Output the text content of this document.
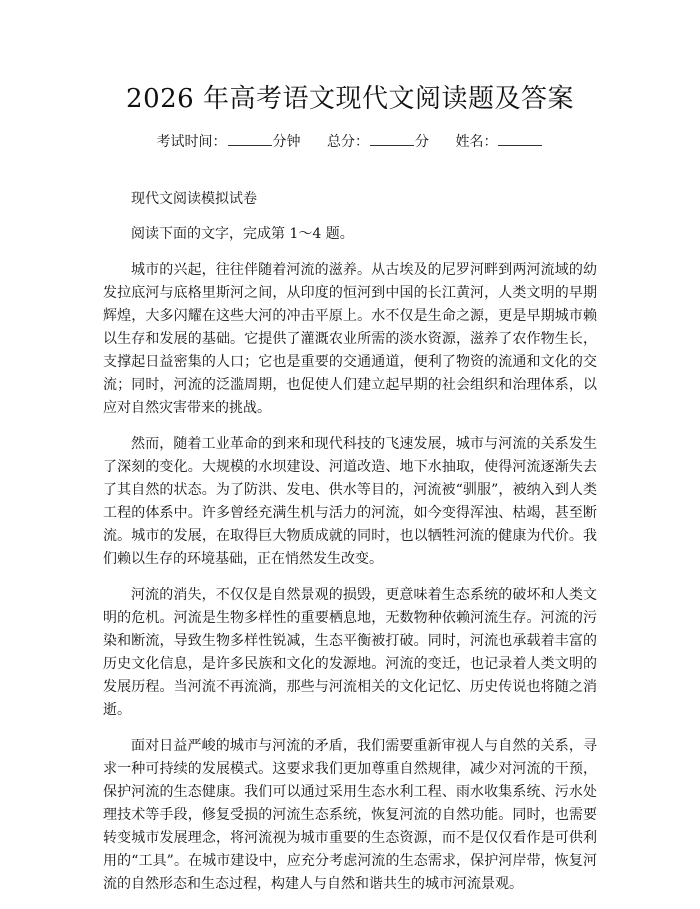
2026 年高考语文现代文阅读题及答案
考试时间：	分钟 总分：	分 姓名：

现代文阅读模拟试卷

阅读下面的文字，完成第 1～4 题。

城市的兴起，往往伴随着河流的滋养。从古埃及的尼罗河畔到两河流域的幼发拉底河与底格里斯河之间，从印度的恒河到中国的长江黄河，人类文明的早期辉煌，大多闪耀在这些大河的冲击平原上。水不仅是生命之源，更是早期城市赖以生存和发展的基础。它提供了灌溉农业所需的淡水资源，滋养了农作物生长，支撑起日益密集的人口；它也是重要的交通通道，便利了物资的流通和文化的交流；同时，河流的泛滥周期，也促使人们建立起早期的社会组织和治理体系，以应对自然灾害带来的挑战。

然而，随着工业革命的到来和现代科技的飞速发展，城市与河流的关系发生了深刻的变化。大规模的水坝建设、河道改造、地下水抽取，使得河流逐渐失去了其自然的状态。为了防洪、发电、供水等目的，河流被“驯服”，被纳入到人类工程的体系中。许多曾经充满生机与活力的河流，如今变得浑浊、枯竭，甚至断流。城市的发展，在取得巨大物质成就的同时，也以牺牲河流的健康为代价。我们赖以生存的环境基础，正在悄然发生改变。

河流的消失，不仅仅是自然景观的损毁，更意味着生态系统的破坏和人类文明的危机。河流是生物多样性的重要栖息地，无数物种依赖河流生存。河流的污染和断流，导致生物多样性锐减，生态平衡被打破。同时，河流也承载着丰富的历史文化信息，是许多民族和文化的发源地。河流的变迁，也记录着人类文明的发展历程。当河流不再流淌，那些与河流相关的文化记忆、历史传说也将随之消逝。

面对日益严峻的城市与河流的矛盾，我们需要重新审视人与自然的关系，寻求一种可持续的发展模式。这要求我们更加尊重自然规律，减少对河流的干预，保护河流的生态健康。我们可以通过采用生态水利工程、雨水收集系统、污水处理技术等手段，修复受损的河流生态系统，恢复河流的自然功能。同时，也需要转变城市发展理念，将河流视为城市重要的生态资源，而不是仅仅看作是可供利用的“工具”。在城市建设中，应充分考虑河流的生态需求，保护河岸带，恢复河流的自然形态和生态过程，构建人与自然和谐共生的城市河流景观。
